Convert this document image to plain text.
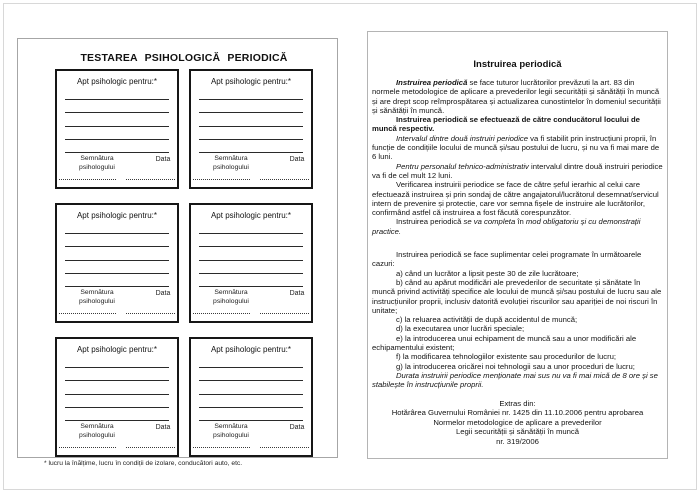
TESTAREA PSIHOLOGICĂ PERIODICĂ
Apt psihologic pentru:*
Semnătura
psihologului
Data
Apt psihologic pentru:*
Semnătura
psihologului
Data
Apt psihologic pentru:*
Semnătura
psihologului
Data
Apt psihologic pentru:*
Semnătura
psihologului
Data
Apt psihologic pentru:*
Semnătura
psihologului
Data
Apt psihologic pentru:*
Semnătura
psihologului
Data
* lucru la înălțime, lucru în condiții de izolare, conducători auto, etc.
Instruirea periodică

Instruirea periodică se face tuturor lucrătorilor prevăzuti la art. 83 din normele metodologice de aplicare a prevederilor legii securității și sănătății în muncă și are drept scop reîmprospătarea și actualizarea cunostintelor în domeniul securității și sănătății în muncă.

Instruirea periodică se efectuează de către conducătorul locului de muncă respectiv.

Intervalul dintre două instruiri periodice va fi stabilit prin instrucțiuni proprii, în funcție de condițiile locului de muncă și/sau postului de lucru, și nu va fi mai mare de 6 luni.

Pentru personalul tehnico-administrativ intervalul dintre două instruiri periodice va fi de cel mult 12 luni.

Verificarea instruirii periodice se face de către șeful ierarhic al celui care efectuează instruirea și prin sondaj de către angajatorul/lucrătorul desemnat/servicul intern de prevenire și protectie, care vor semna fișele de instruire ale lucrătorilor, confirmând astfel că instruirea a fost făcută corespunzător.

Instruirea periodică se va completa în mod obligatoriu și cu demonstrații practice.

Instruirea periodică se face suplimentar celei programate în următoarele cazuri:

a) când un lucrător a lipsit peste 30 de zile lucrătoare;

b) când au apărut modificări ale prevederilor de securitate și sănătate în muncă privind activități specifice ale locului de muncă și/sau postului de lucru sau ale instrucțiunilor proprii, inclusiv datorită evoluției riscurilor sau apariției de noi riscuri în unitate;

c) la reluarea activității de după accidentul de muncă;

d) la executarea unor lucrări speciale;

e) la introducerea unui echipament de muncă sau a unor modificări ale echipamentului existent;

f) la modificarea tehnologiilor existente sau procedurilor de lucru;

g) la introducerea oricărei noi tehnologii sau a unor proceduri de lucru;

Durata instruirii periodice menționate mai sus nu va fi mai mică de 8 ore și se stabilește în instrucțiunile proprii.

Extras din:
Hotărârea Guvernului României nr. 1425 din 11.10.2006 pentru aprobarea
Normelor metodologice de aplicare a prevederilor
Legii securității și sănătății în muncă
nr. 319/2006
